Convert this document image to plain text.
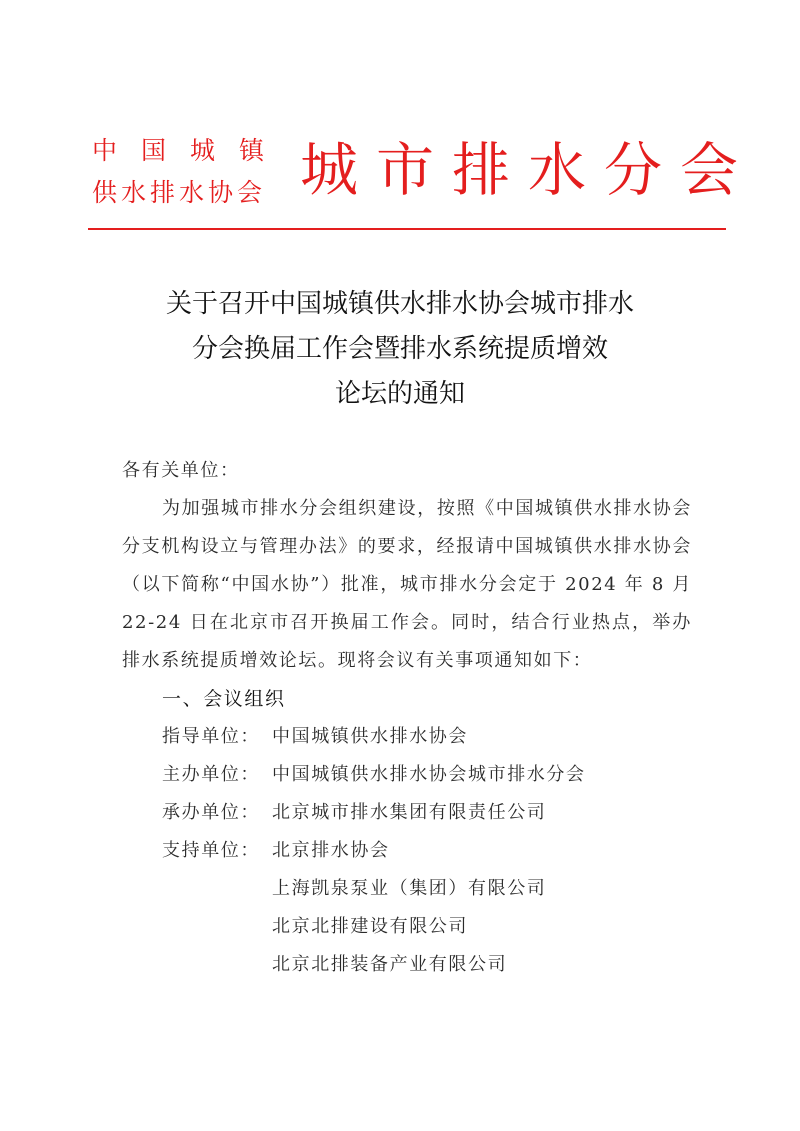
中国城镇
供水排水协会 城市排水分会
关于召开中国城镇供水排水协会城市排水
分会换届工作会暨排水系统提质增效
论坛的通知
各有关单位：
为加强城市排水分会组织建设，按照《中国城镇供水排水协会分支机构设立与管理办法》的要求，经报请中国城镇供水排水协会（以下简称“中国水协”）批准，城市排水分会定于 2024 年 8 月 22-24 日在北京市召开换届工作会。同时，结合行业热点，举办排水系统提质增效论坛。现将会议有关事项通知如下：
一、会议组织
指导单位： 中国城镇供水排水协会
主办单位： 中国城镇供水排水协会城市排水分会
承办单位： 北京城市排水集团有限责任公司
支持单位： 北京排水协会
上海凯泉泵业（集团）有限公司
北京北排建设有限公司
北京北排装备产业有限公司
